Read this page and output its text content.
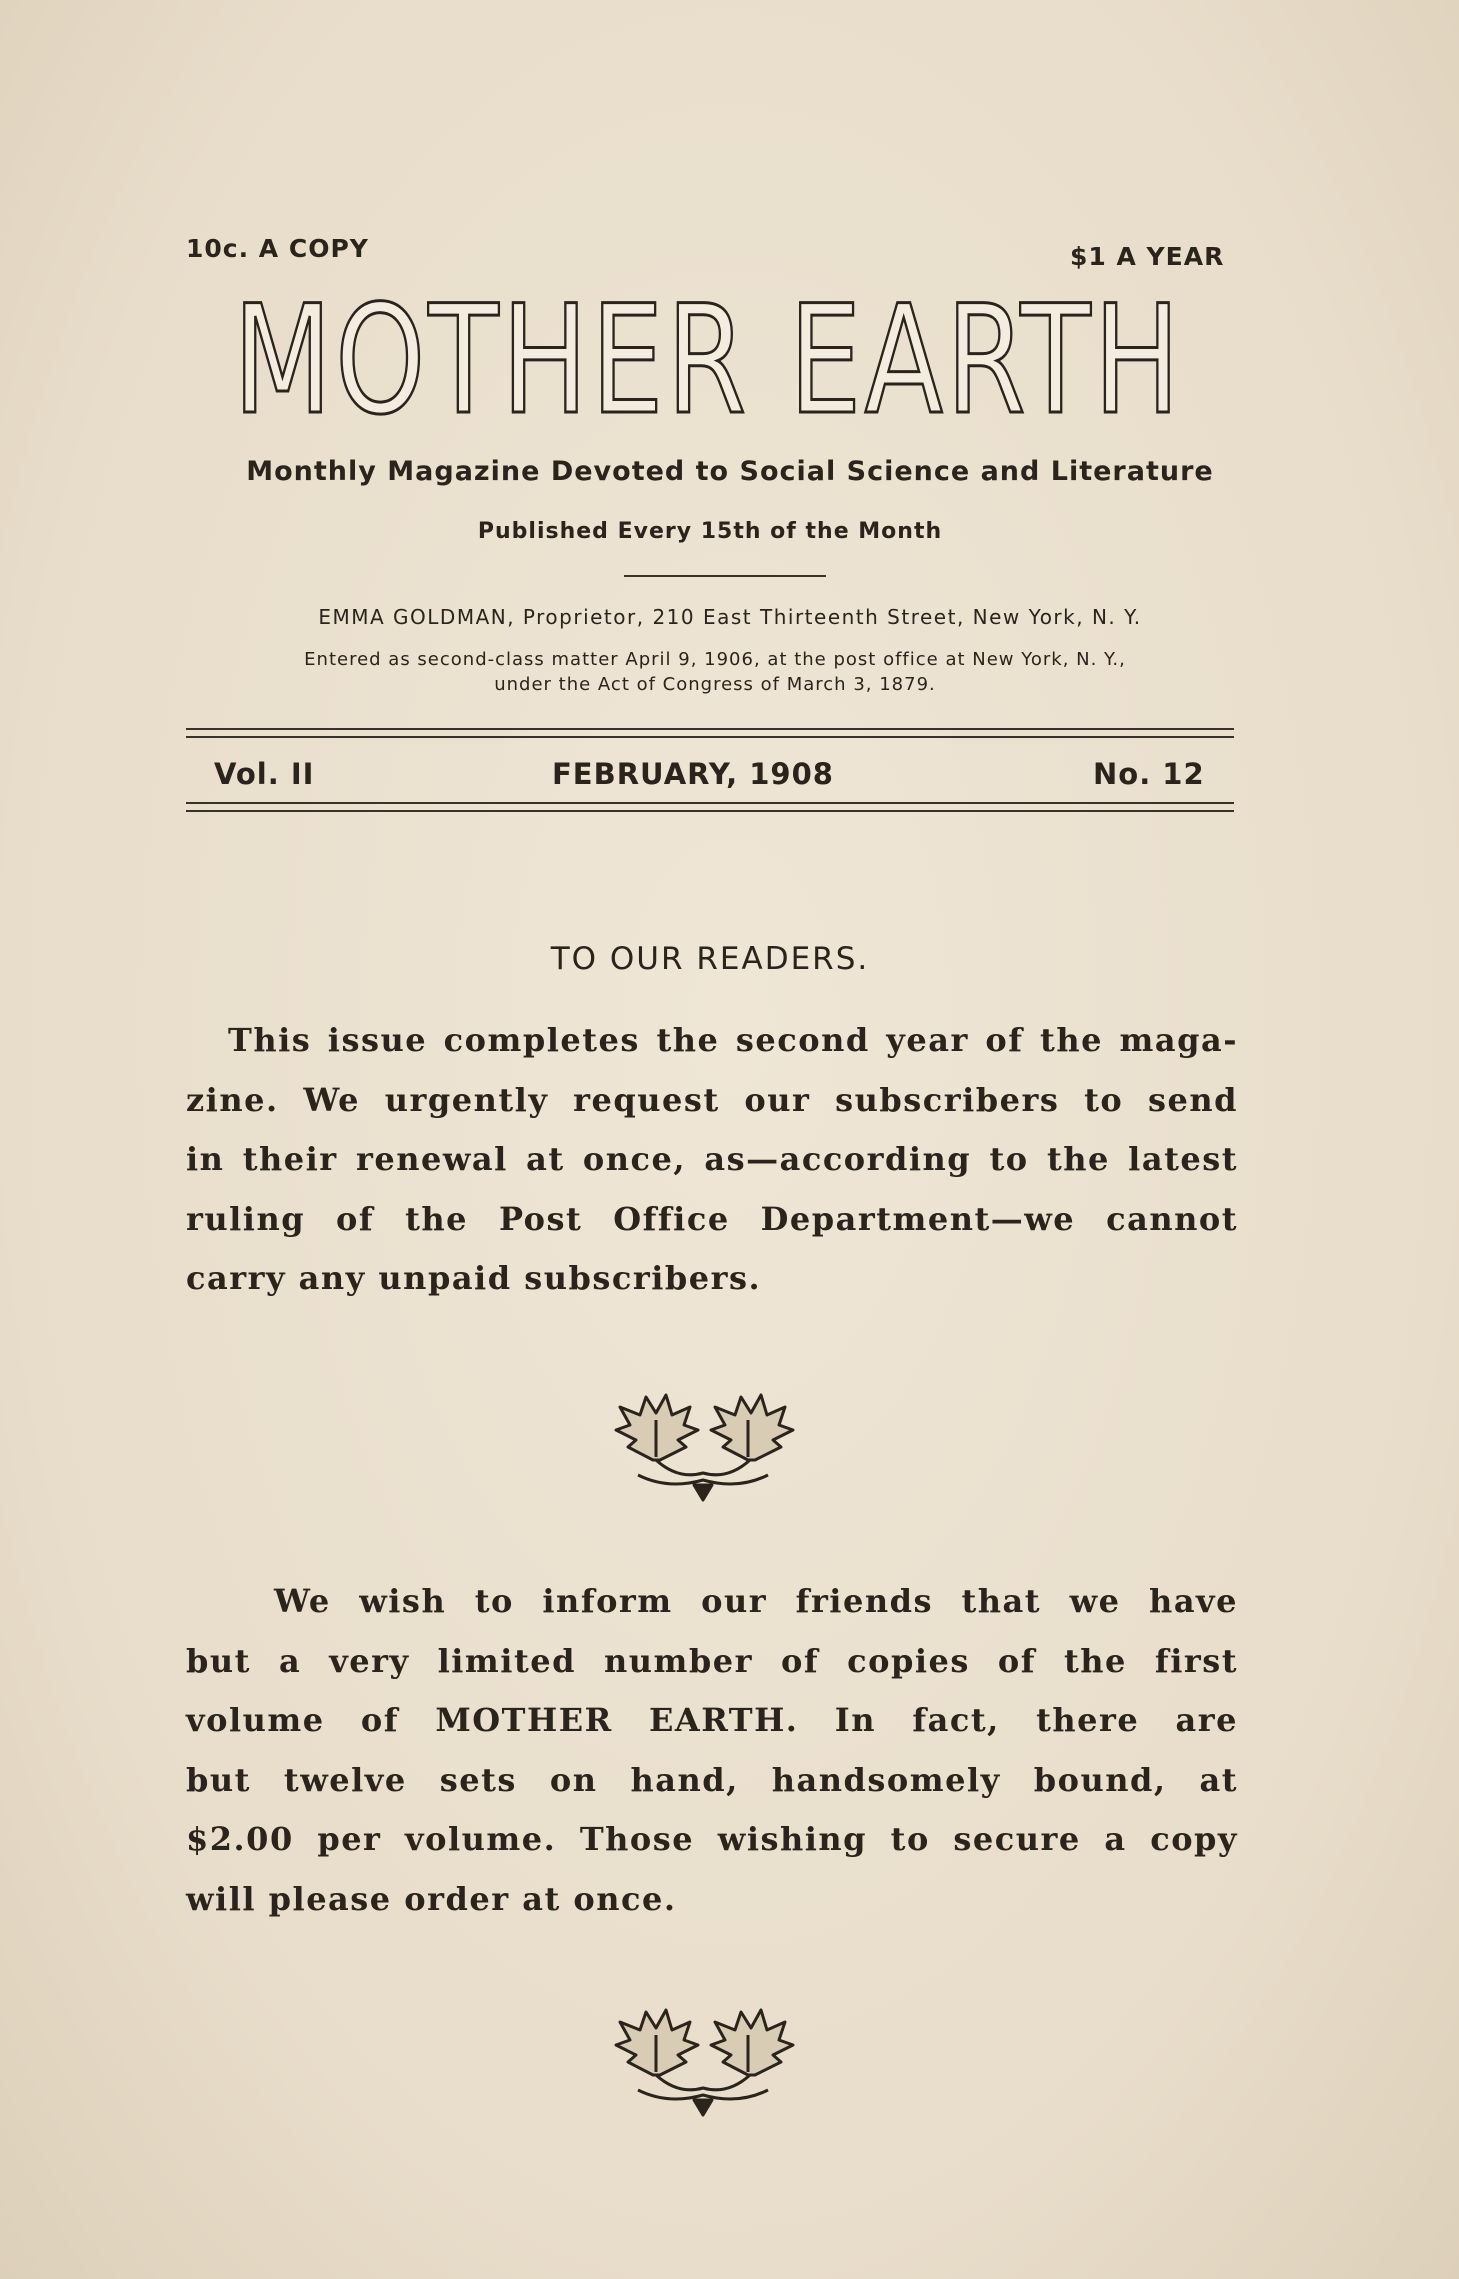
10c. A COPY	$1 A YEAR
MOTHER EARTH
Monthly Magazine Devoted to Social Science and Literature
Published Every 15th of the Month
EMMA GOLDMAN, Proprietor, 210 East Thirteenth Street, New York, N. Y.
Entered as second-class matter April 9, 1906, at the post office at New York, N. Y.,
under the Act of Congress of March 3, 1879.
Vol. II	FEBRUARY, 1908	No. 12
TO OUR READERS.

This issue completes the second year of the maga-
zine. We urgently request our subscribers to send
in their renewal at once, as—according to the latest
ruling of the Post Office Department—we cannot
carry any unpaid subscribers.

We wish to inform our friends that we have
but a very limited number of copies of the first
volume of MOTHER EARTH. In fact, there are
but twelve sets on hand, handsomely bound, at
$2.00 per volume. Those wishing to secure a copy
will please order at once.
